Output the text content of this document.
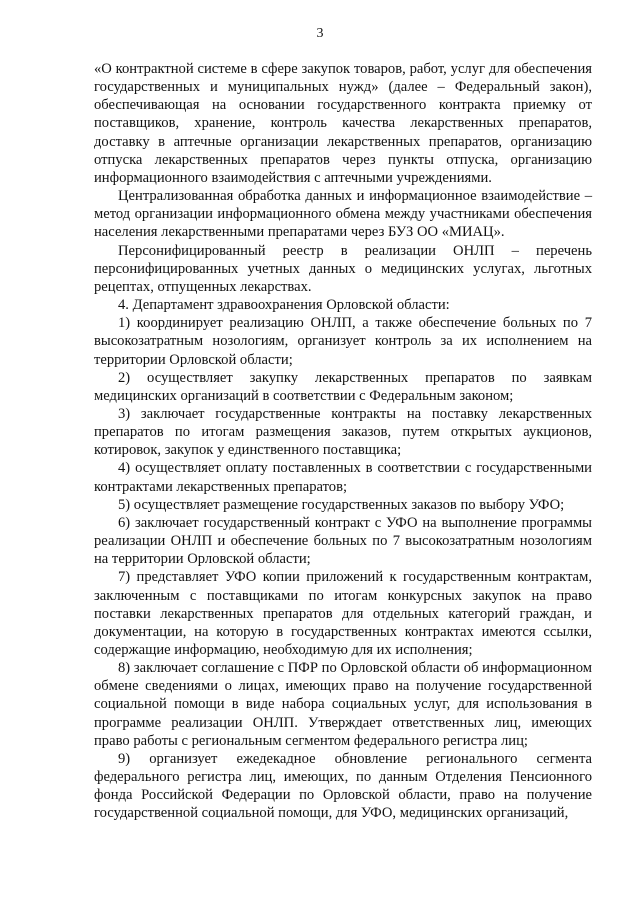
3

«О контрактной системе в сфере закупок товаров, работ, услуг для обеспечения государственных и муниципальных нужд» (далее – Федеральный закон), обеспечивающая на основании государственного контракта приемку от поставщиков, хранение, контроль качества лекарственных препаратов, доставку в аптечные организации лекарственных препаратов, организацию отпуска лекарственных препаратов через пункты отпуска, организацию информационного взаимодействия с аптечными учреждениями.

Централизованная обработка данных и информационное взаимодействие – метод организации информационного обмена между участниками обеспечения населения лекарственными препаратами через БУЗ ОО «МИАЦ».

Персонифицированный реестр в реализации ОНЛП – перечень персонифицированных учетных данных о медицинских услугах, льготных рецептах, отпущенных лекарствах.

4. Департамент здравоохранения Орловской области:

1) координирует реализацию ОНЛП, а также обеспечение больных по 7 высокозатратным нозологиям, организует контроль за их исполнением на территории Орловской области;

2) осуществляет закупку лекарственных препаратов по заявкам медицинских организаций в соответствии с Федеральным законом;

3) заключает государственные контракты на поставку лекарственных препаратов по итогам размещения заказов, путем открытых аукционов, котировок, закупок у единственного поставщика;

4) осуществляет оплату поставленных в соответствии с государственными контрактами лекарственных препаратов;

5) осуществляет размещение государственных заказов по выбору УФО;

6) заключает государственный контракт с УФО на выполнение программы реализации ОНЛП и обеспечение больных по 7 высокозатратным нозологиям на территории Орловской области;

7) представляет УФО копии приложений к государственным контрактам, заключенным с поставщиками по итогам конкурсных закупок на право поставки лекарственных препаратов для отдельных категорий граждан, и документации, на которую в государственных контрактах имеются ссылки, содержащие информацию, необходимую для их исполнения;

8) заключает соглашение с ПФР по Орловской области об информационном обмене сведениями о лицах, имеющих право на получение государственной социальной помощи в виде набора социальных услуг, для использования в программе реализации ОНЛП. Утверждает ответственных лиц, имеющих право работы с региональным сегментом федерального регистра лиц;

9) организует ежедекадное обновление регионального сегмента федерального регистра лиц, имеющих, по данным Отделения Пенсионного фонда Российской Федерации по Орловской области, право на получение государственной социальной помощи, для УФО, медицинских организаций,
